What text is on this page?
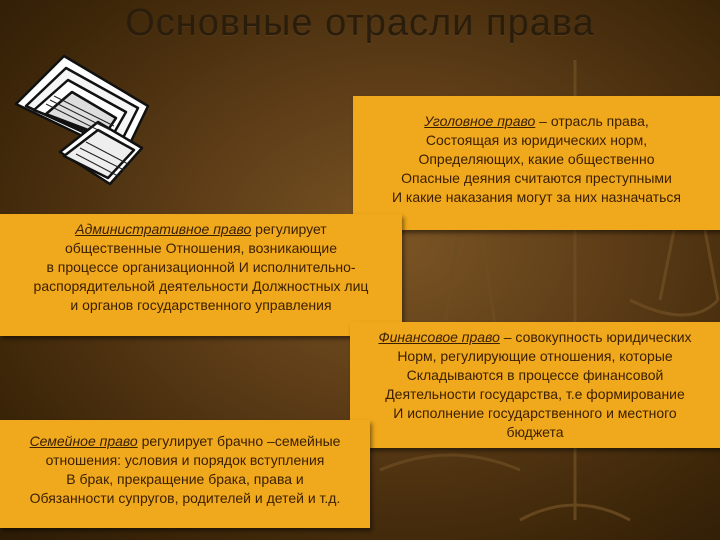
Основные отрасли права

Уголовное право – отрасль права,

Состоящая из юридических норм,

Определяющих, какие общественно

Опасные деяния считаются преступными

И какие наказания могут за них назначаться

Административное право регулирует

общественные Отношения, возникающие

в процессе организационной И исполнительно-

распорядительной деятельности Должностных лиц

и органов государственного управления

Финансовое право – совокупность юридических

Норм, регулирующие отношения, которые

Складываются в процессе финансовой

Деятельности государства, т.е формирование

И исполнение государственного и местного

бюджета

Семейное право регулирует брачно –семейные

отношения: условия и порядок вступления

В брак, прекращение брака, права и

Обязанности супругов, родителей и детей и т.д.
